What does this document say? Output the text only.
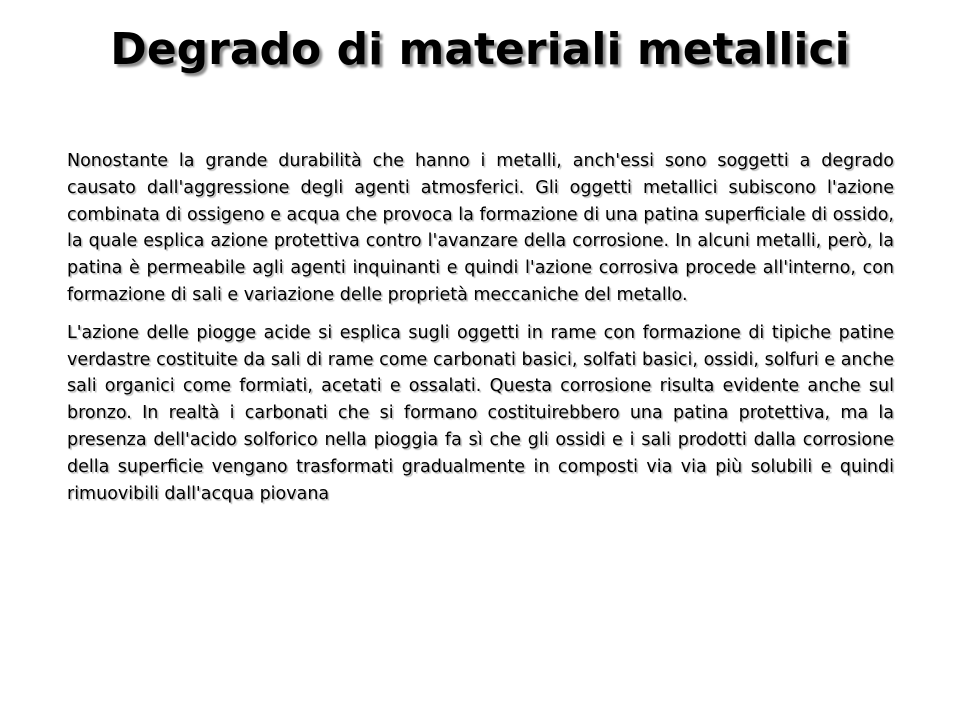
Degrado di materiali metallici

Nonostante la grande durabilità che hanno i metalli, anch'essi sono soggetti a degrado causato dall'aggressione degli agenti atmosferici. Gli oggetti metallici subiscono l'azione combinata di ossigeno e acqua che provoca la formazione di una patina superficiale di ossido, la quale esplica azione protettiva contro l'avanzare della corrosione. In alcuni metalli, però, la patina è permeabile agli agenti inquinanti e quindi l'azione corrosiva procede all'interno, con formazione di sali e variazione delle proprietà meccaniche del metallo.

L'azione delle piogge acide si esplica sugli oggetti in rame con formazione di tipiche patine verdastre costituite da sali di rame come carbonati basici, solfati basici, ossidi, solfuri e anche sali organici come formiati, acetati e ossalati. Questa corrosione risulta evidente anche sul bronzo. In realtà i carbonati che si formano costituirebbero una patina protettiva, ma la presenza dell'acido solforico nella pioggia fa sì che gli ossidi e i sali prodotti dalla corrosione della superficie vengano trasformati gradualmente in composti via via più solubili e quindi rimuovibili dall'acqua piovana
